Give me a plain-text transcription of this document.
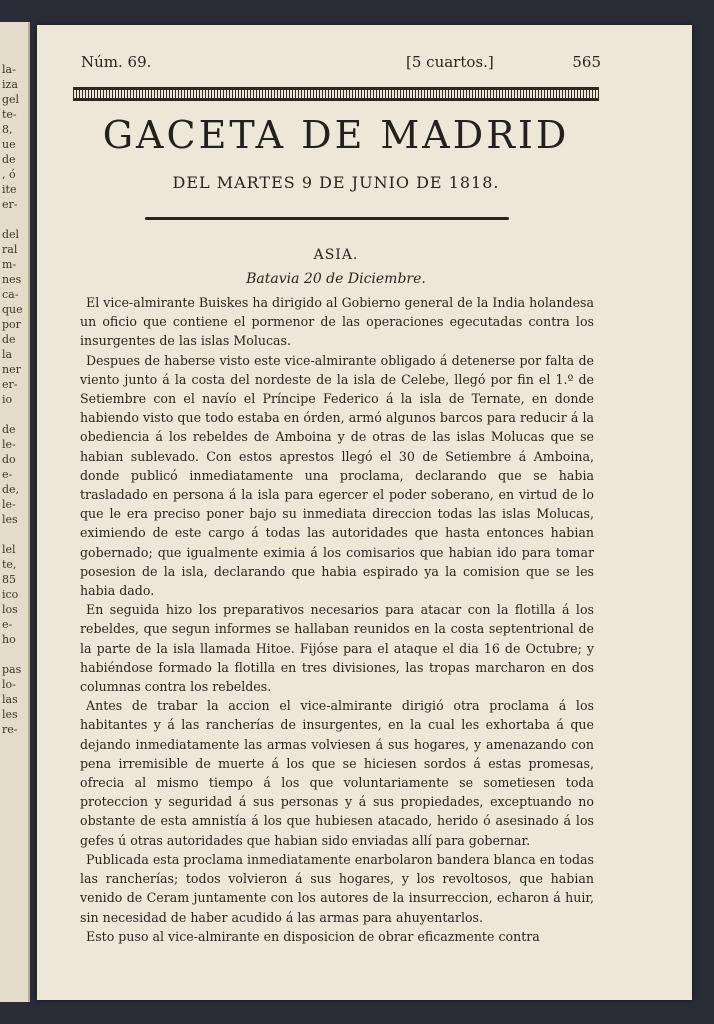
la-
iza
gel
te-
8,
ue
de
, ó
ite
er-

del
ral
m-
nes
ca-
que
por
de
la
ner
er-
io

de
le-
do
e-
de,
le-
les

lel
te,
85
ico
los
e-
ho

pas
lo-
las
les
re-
Núm. 69.	[5 cuartos.]	565
GACETA DE MADRID
DEL MARTES 9 DE JUNIO DE 1818.
ASIA.
Batavia 20 de Diciembre.

El vice-almirante Buiskes ha dirigido al Gobierno general de la India holandesa un oficio que contiene el pormenor de las operaciones egecutadas contra los insurgentes de las islas Molucas.

Despues de haberse visto este vice-almirante obligado á detenerse por falta de viento junto á la costa del nordeste de la isla de Celebe, llegó por fin el 1.º de Setiembre con el navío el Príncipe Federico á la isla de Ternate, en donde habiendo visto que todo estaba en órden, armó algunos barcos para reducir á la obediencia á los rebeldes de Amboina y de otras de las islas Molucas que se habian sublevado. Con estos aprestos llegó el 30 de Setiembre á Amboina, donde publicó inmediatamente una proclama, declarando que se habia trasladado en persona á la isla para egercer el poder soberano, en virtud de lo que le era preciso poner bajo su inmediata direccion todas las islas Molucas, eximiendo de este cargo á todas las autoridades que hasta entonces habian gobernado; que igualmente eximia á los comisarios que habian ido para tomar posesion de la isla, declarando que habia espirado ya la comision que se les habia dado.

En seguida hizo los preparativos necesarios para atacar con la flotilla á los rebeldes, que segun informes se hallaban reunidos en la costa septentrional de la parte de la isla llamada Hitoe. Fijóse para el ataque el dia 16 de Octubre; y habiéndose formado la flotilla en tres divisiones, las tropas marcharon en dos columnas contra los rebeldes.

Antes de trabar la accion el vice-almirante dirigió otra proclama á los habitantes y á las rancherías de insurgentes, en la cual les exhortaba á que dejando inmediatamente las armas volviesen á sus hogares, y amenazando con pena irremisible de muerte á los que se hiciesen sordos á estas promesas, ofrecia al mismo tiempo á los que voluntariamente se sometiesen toda proteccion y seguridad á sus personas y á sus propiedades, exceptuando no obstante de esta amnistía á los que hubiesen atacado, herido ó asesinado á los gefes ú otras autoridades que habian sido enviadas allí para gobernar.

Publicada esta proclama inmediatamente enarbolaron bandera blanca en todas las rancherías; todos volvieron á sus hogares, y los revoltosos, que habian venido de Ceram juntamente con los autores de la insurreccion, echaron á huir, sin necesidad de haber acudido á las armas para ahuyentarlos.

Esto puso al vice-almirante en disposicion de obrar eficazmente contra
